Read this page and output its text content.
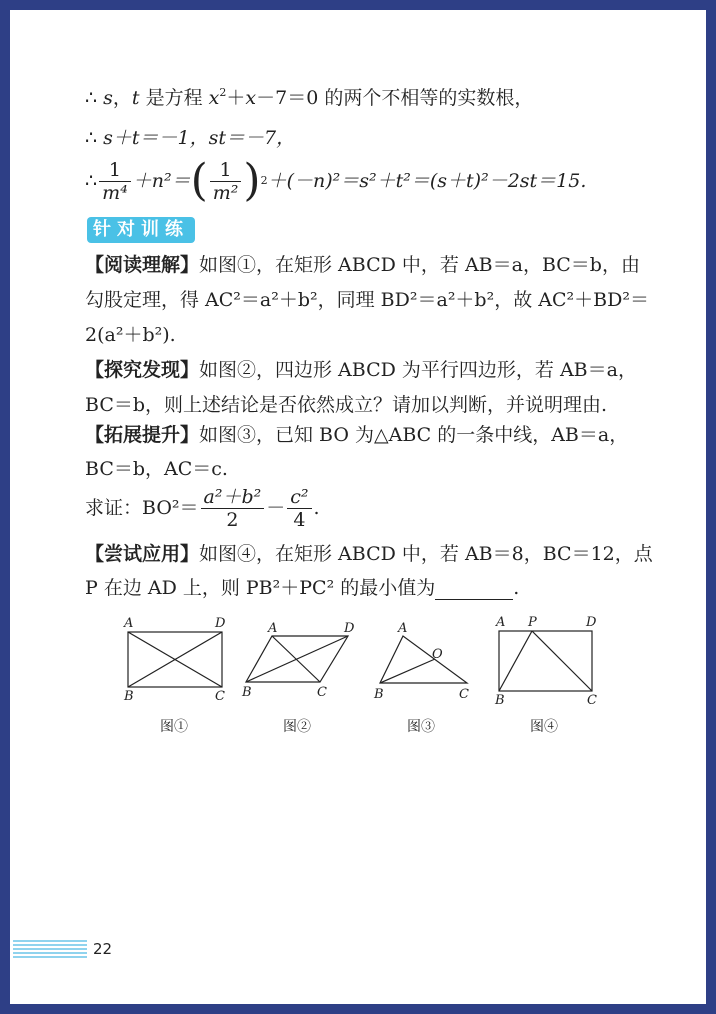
∴ s，t 是方程 $x^2+x-7=0$ 的两个不相等的实数根，
∴ s＋t＝－1，st＝－7，
∴ $\frac{1}{\text{m⁴}} +n^2=$ ( $\frac{1}{\text{m²}}$ ) 2 ＋(－n)²＝s²＋t²＝(s＋t)²－2st＝15.
针对训练
【阅读理解】如图①，在矩形 ABCD 中，若 AB＝a，BC＝b，由
勾股定理，得 AC²＝a²＋b²，同理 BD²＝a²＋b²，故 AC²＋BD²＝
2(a²＋b²).
【探究发现】如图②，四边形 ABCD 为平行四边形，若 AB＝a，
BC＝b，则上述结论是否依然成立？请加以判断，并说明理由.
【拓展提升】如图③，已知 BO 为△ABC 的一条中线，AB＝a，
BC＝b，AC＝c.
求证：$BO^2= \frac{\text{a²＋b²}}{2} - \frac{\text{c²}}{4}$ .
【尝试应用】如图④，在矩形 ABCD 中，若 AB＝8，BC＝12，点
P 在边 AD 上，则 PB²＋PC² 的最小值为	.
A	D
B	C
A	D
B	C
A
O
B	C
A P	D
B	C
图①	图②	图③	图④
22
